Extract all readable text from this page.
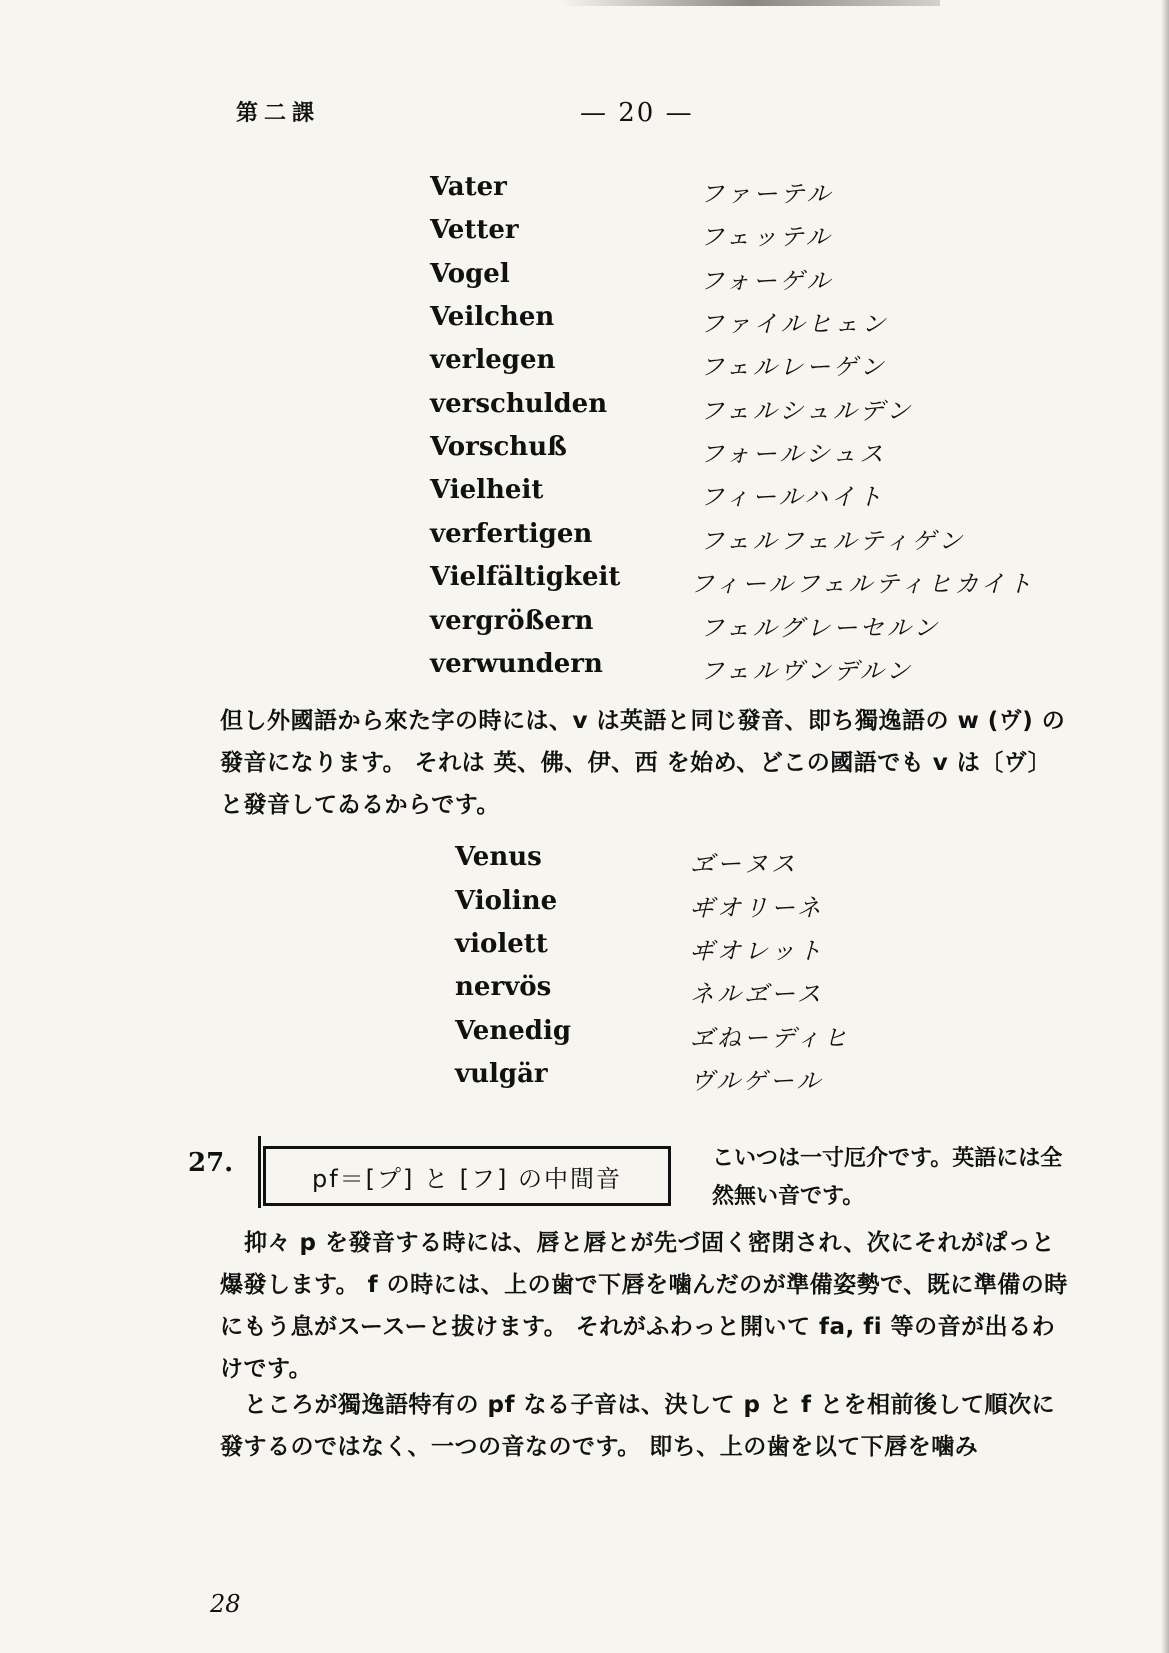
第二課	— 20 —
Vater	ファーテル
Vetter	フェッテル
Vogel	フォーゲル
Veilchen	ファイルヒェン
verlegen	フェルレーゲン
verschulden	フェルシュルデン
Vorschuß	フォールシュス
Vielheit	フィールハイト
verfertigen	フェルフェルティゲン
Vielfältigkeit	フィールフェルティヒカイト
vergrößern	フェルグレーセルン
verwundern	フェルヴンデルン
但し外國語から來た字の時には、v は英語と同じ發音、即ち獨逸語の w (ヴ) の發音になります。 それは 英、佛、伊、西 を始め、どこの國語でも v は〔ヴ〕と發音してゐるからです。
Venus	ヹーヌス
Violine	ヸオリーネ
violett	ヸオレット
nervös	ネルヹース
Venedig	ヹねーディヒ
vulgär	ヴルゲール
27.
pf＝[プ] と [フ] の中間音
こいつは一寸厄介です。英語には全然無い音です。
抑々 p を發音する時には、唇と唇とが先づ固く密閉され、次にそれがぱっと爆發します。 f の時には、上の歯で下唇を噛んだのが準備姿勢で、既に準備の時にもう息がスースーと拔けます。 それがふわっと開いて fa, fi 等の音が出るわけです。
ところが獨逸語特有の pf なる子音は、決して p と f とを相前後して順次に發するのではなく、一つの音なのです。 即ち、上の歯を以て下唇を噛み
28
